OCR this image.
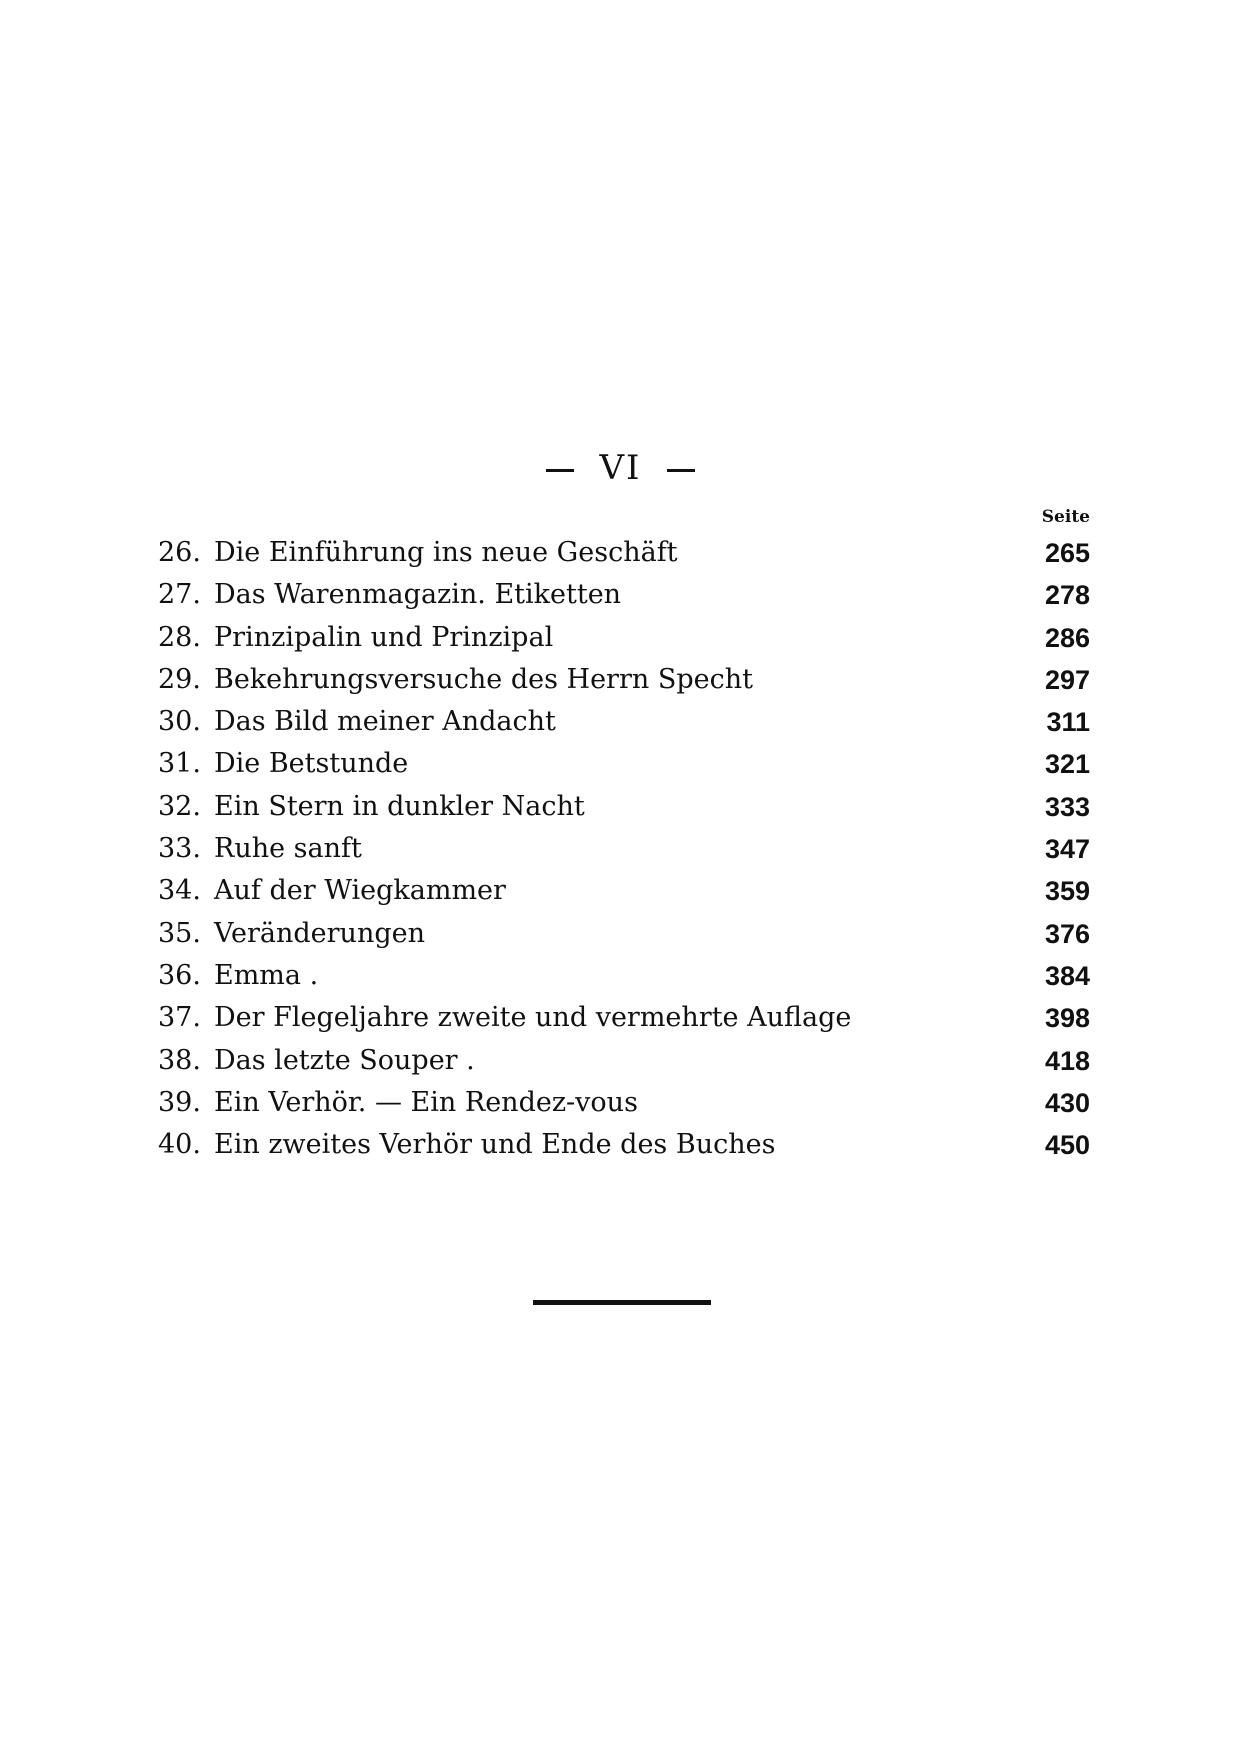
VI
Seite
26. Die Einführung ins neue Geschäft	265
27. Das Warenmagazin. Etiketten	278
28. Prinzipalin und Prinzipal	286
29. Bekehrungsversuche des Herrn Specht	297
30. Das Bild meiner Andacht	311
31. Die Betstunde	321
32. Ein Stern in dunkler Nacht	333
33. Ruhe sanft	347
34. Auf der Wiegkammer	359
35. Veränderungen	376
36. Emma .	384
37. Der Flegeljahre zweite und vermehrte Auflage	398
38. Das letzte Souper .	418
39. Ein Verhör. — Ein Rendez-vous	430
40. Ein zweites Verhör und Ende des Buches	450
